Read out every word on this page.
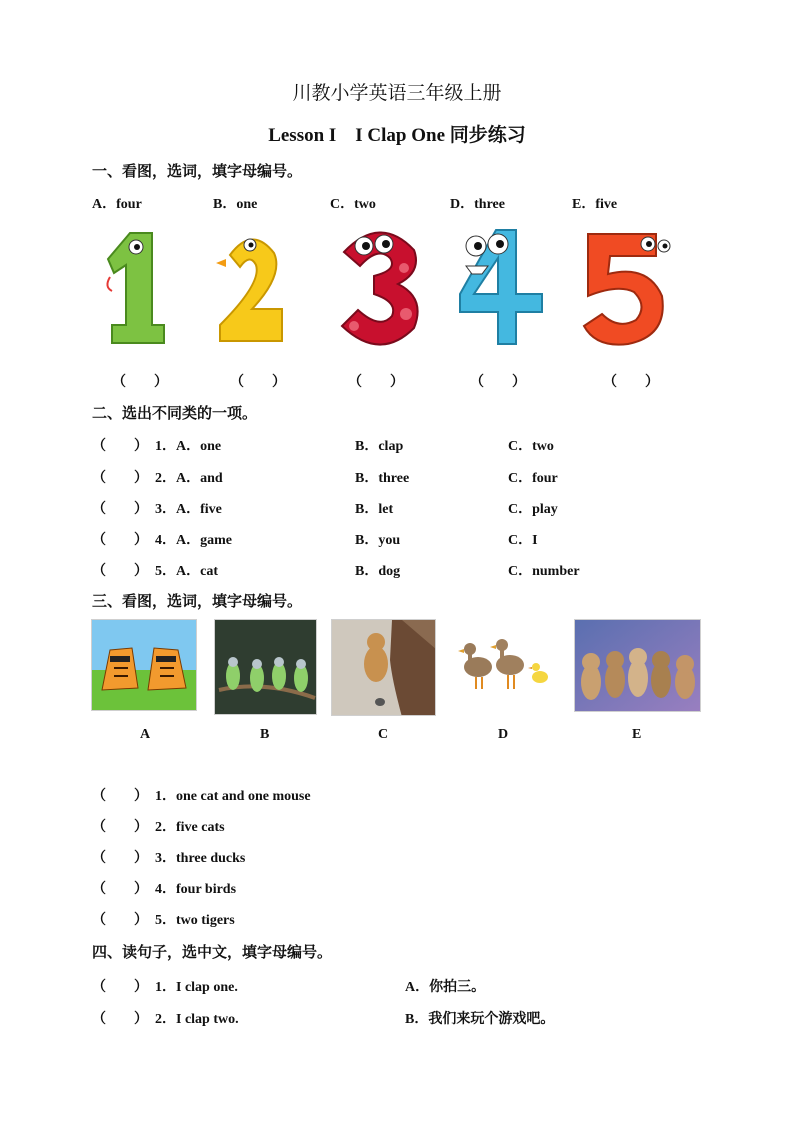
川教小学英语三年级上册
Lesson I　I Clap One 同步练习
一、看图，选词，填字母编号。
A．four	B．one	C．two	D．three	E．five
（　　）	（　　）	（　　）	（　　）	（　　）
二、选出不同类的一项。
（　　） 1．A．one	B．clap	C．two
（　　） 2．A．and	B．three	C．four
（　　） 3．A．five	B．let	C．play
（　　） 4．A．game	B．you	C．I
（　　） 5．A．cat	B．dog	C．number
三、看图，选词，填字母编号。
A	B	C	D	E
（　　） 1．one cat and one mouse
（　　） 2．five cats
（　　） 3．three ducks
（　　） 4．four birds
（　　） 5．two tigers
四、读句子，选中文，填字母编号。
（　　） 1．I clap one.	A．你拍三。
（　　） 2．I clap two.	B．我们来玩个游戏吧。
